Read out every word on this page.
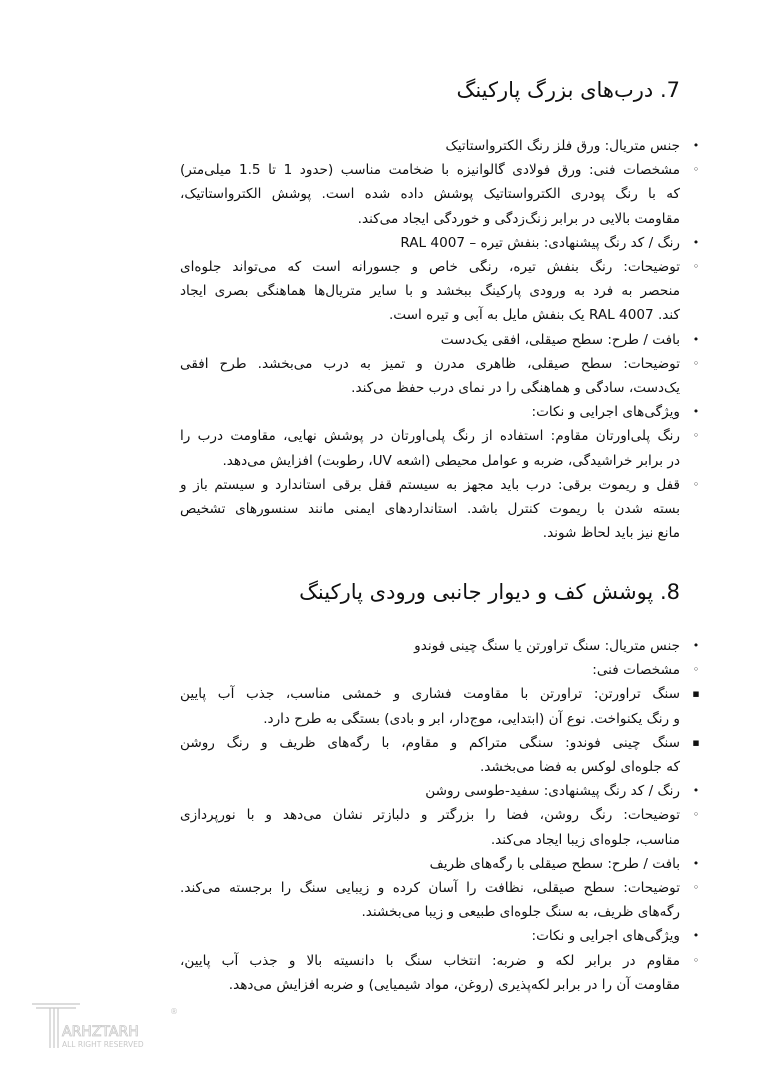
7. درب‌های بزرگ پارکینگ
•
جنس متریال: ورق فلز رنگ الکترواستاتیک
◦
مشخصات فنی: ورق فولادی گالوانیزه با ضخامت مناسب (حدود 1 تا 1.5 میلی‌متر)
که با رنگ پودری الکترواستاتیک پوشش داده شده است. پوشش الکترواستاتیک،
مقاومت بالایی در برابر زنگ‌زدگی و خوردگی ایجاد می‌کند.
•
رنگ / کد رنگ پیشنهادی: بنفش تیره – RAL 4007
◦
توضیحات: رنگ بنفش تیره، رنگی خاص و جسورانه است که می‌تواند جلوه‌ای
منحصر به فرد به ورودی پارکینگ ببخشد و با سایر متریال‌ها هماهنگی بصری ایجاد
کند. RAL 4007 یک بنفش مایل به آبی و تیره است.
•
بافت / طرح: سطح صیقلی، افقی یک‌دست
◦
توضیحات: سطح صیقلی، ظاهری مدرن و تمیز به درب می‌بخشد. طرح افقی
یک‌دست، سادگی و هماهنگی را در نمای درب حفظ می‌کند.
•
ویژگی‌های اجرایی و نکات:
◦
رنگ پلی‌اورتان مقاوم: استفاده از رنگ پلی‌اورتان در پوشش نهایی، مقاومت درب را
در برابر خراشیدگی، ضربه و عوامل محیطی (اشعه UV، رطوبت) افزایش می‌دهد.
◦
قفل و ریموت برقی: درب باید مجهز به سیستم قفل برقی استاندارد و سیستم باز و
بسته شدن با ریموت کنترل باشد. استانداردهای ایمنی مانند سنسورهای تشخیص
مانع نیز باید لحاظ شوند.
8. پوشش کف و دیوار جانبی ورودی پارکینگ
•
جنس متریال: سنگ تراورتن یا سنگ چینی فوندو
◦
مشخصات فنی:
▪
سنگ تراورتن: تراورتن با مقاومت فشاری و خمشی مناسب، جذب آب پایین
و رنگ یکنواخت. نوع آن (ابتدایی، موج‌دار، ابر و بادی) بستگی به طرح دارد.
▪
سنگ چینی فوندو: سنگی متراکم و مقاوم، با رگه‌های ظریف و رنگ روشن
که جلوه‌ای لوکس به فضا می‌بخشد.
•
رنگ / کد رنگ پیشنهادی: سفید-طوسی روشن
◦
توضیحات: رنگ روشن، فضا را بزرگتر و دلبازتر نشان می‌دهد و با نورپردازی
مناسب، جلوه‌ای زیبا ایجاد می‌کند.
•
بافت / طرح: سطح صیقلی با رگه‌های ظریف
◦
توضیحات: سطح صیقلی، نظافت را آسان کرده و زیبایی سنگ را برجسته می‌کند.
رگه‌های ظریف، به سنگ جلوه‌ای طبیعی و زیبا می‌بخشند.
•
ویژگی‌های اجرایی و نکات:
◦
مقاوم در برابر لکه و ضربه: انتخاب سنگ با دانسیته بالا و جذب آب پایین،
مقاومت آن را در برابر لکه‌پذیری (روغن، مواد شیمیایی) و ضربه افزایش می‌دهد.
ARHZTARH
ALL RIGHT RESERVED
®
